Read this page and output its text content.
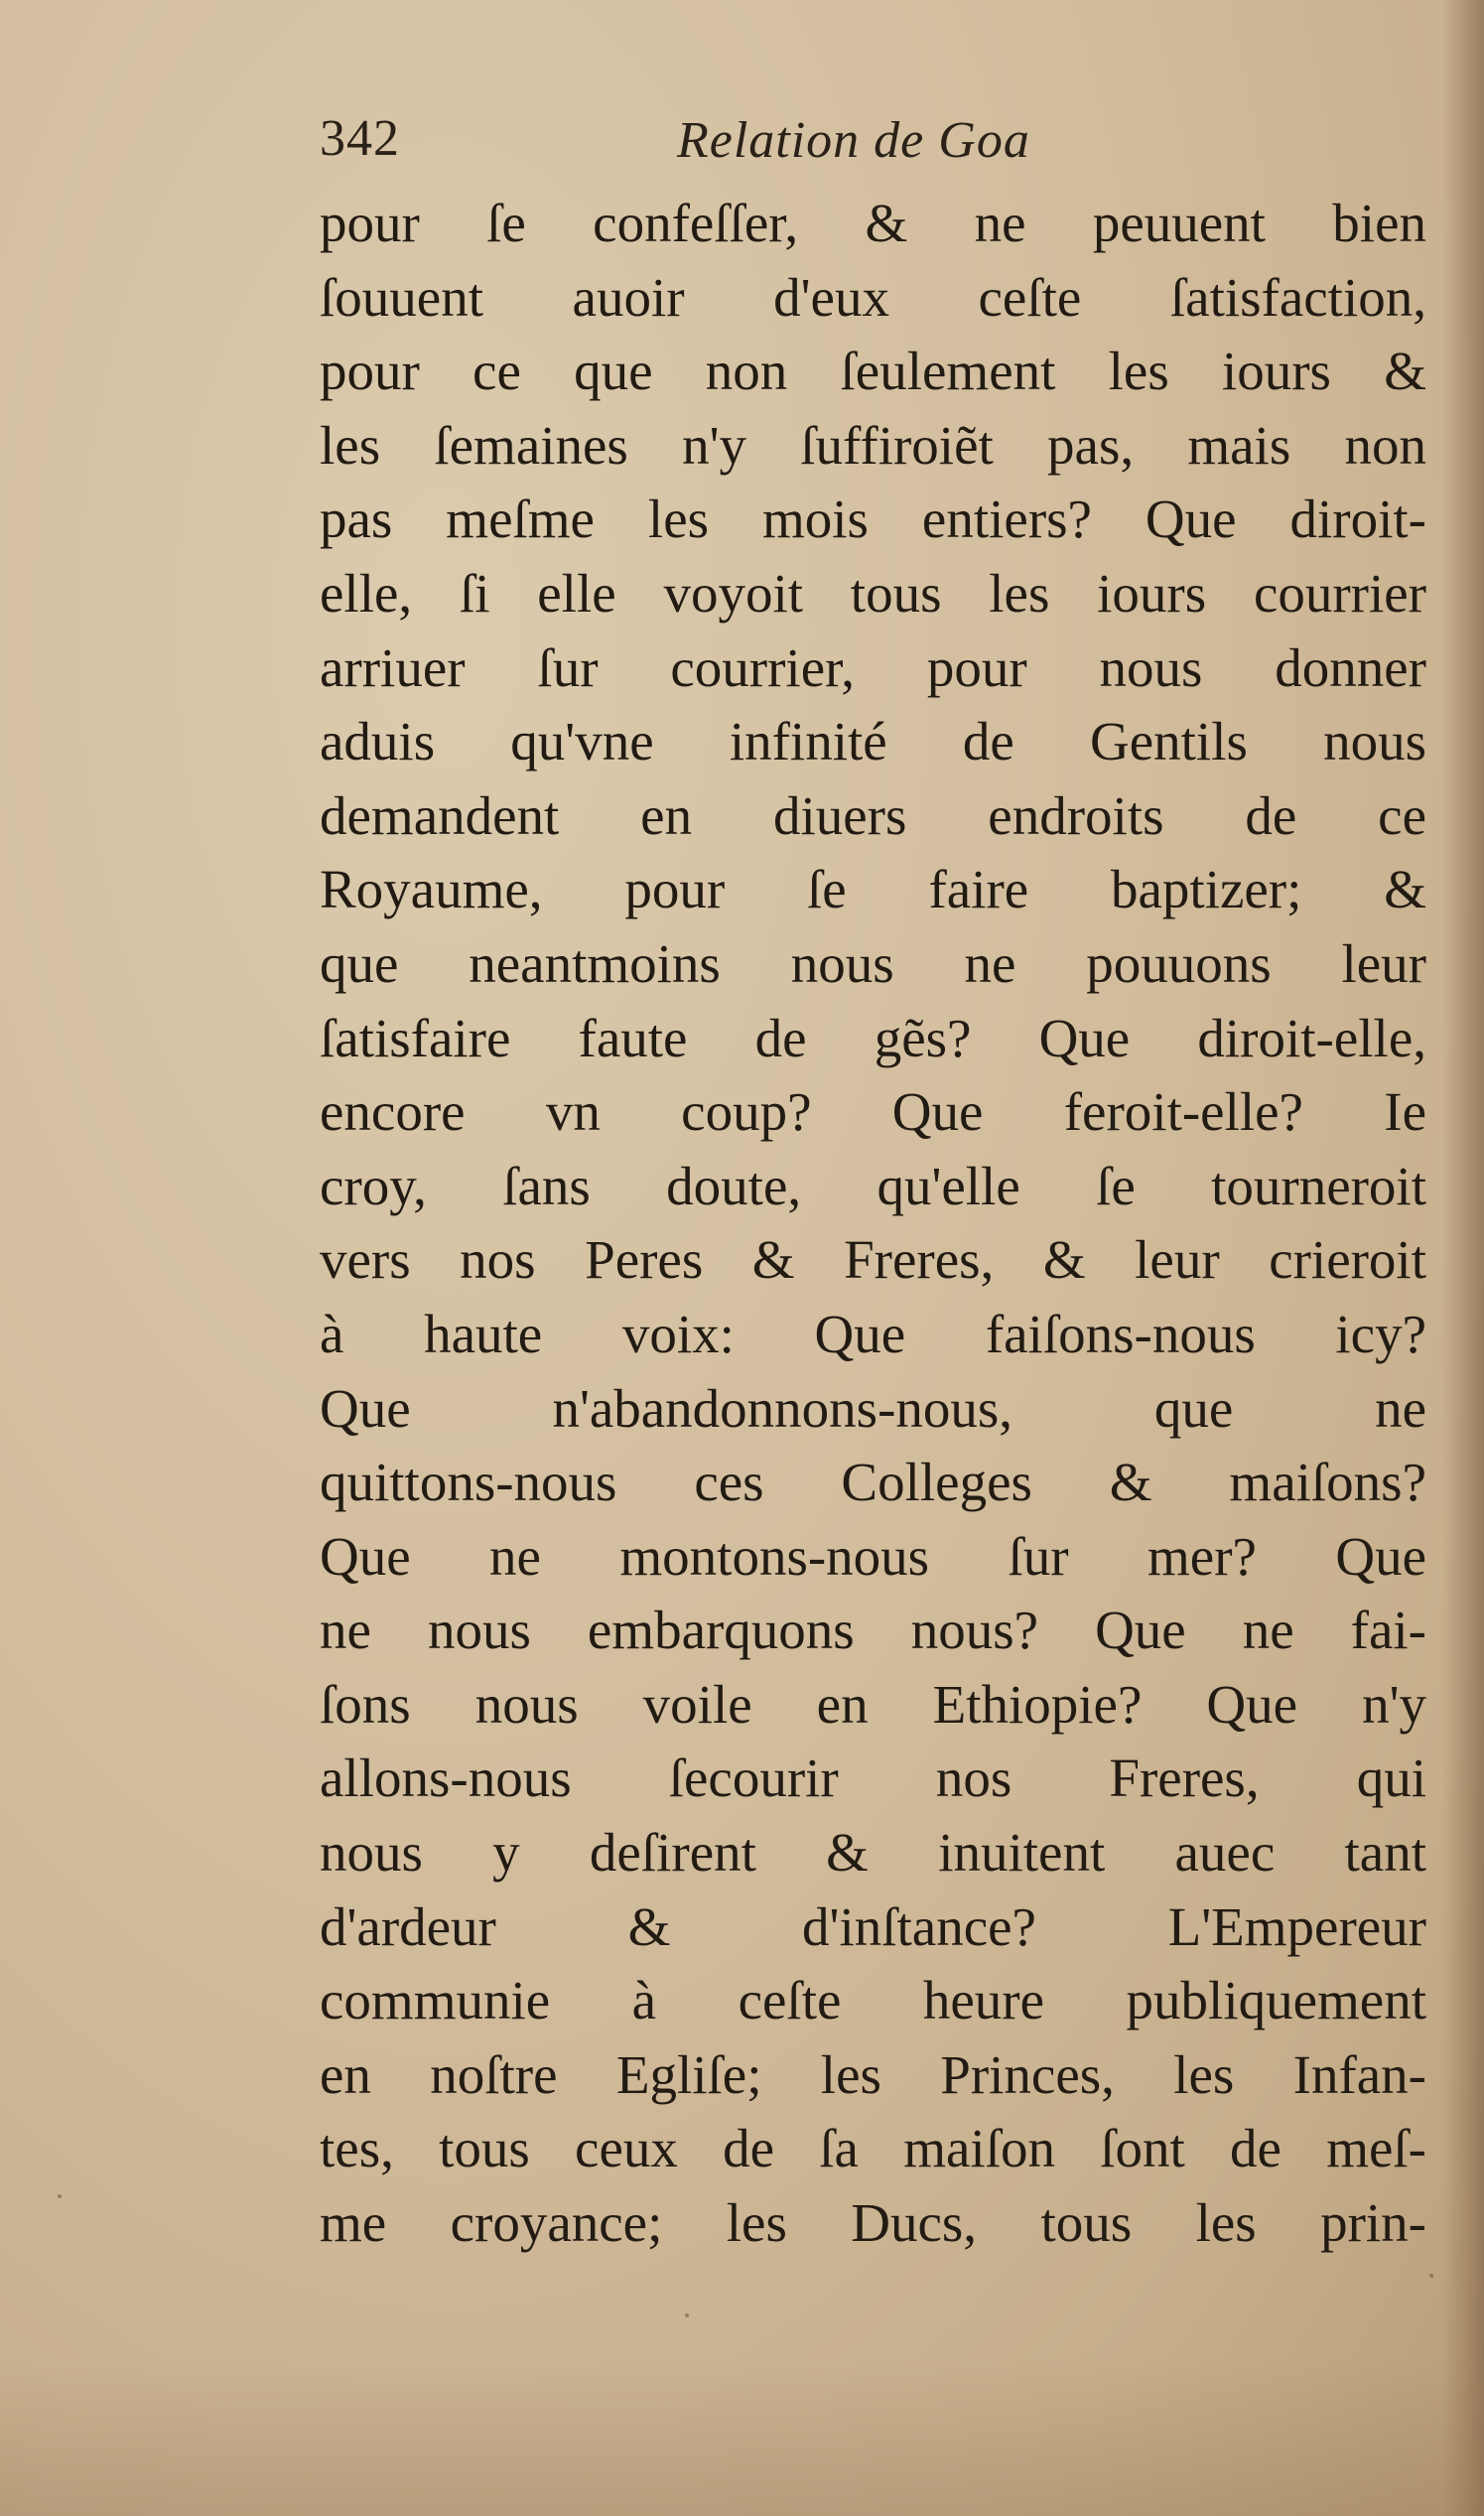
342	Relation de Goa
pour ſe confeſſer, & ne peuuent bien
ſouuent auoir d'eux ceſte ſatisfaction,
pour ce que non ſeulement les iours &
les ſemaines n'y ſuffiroiẽt pas, mais non
pas meſme les mois entiers? Que diroit-
elle, ſi elle voyoit tous les iours courrier
arriuer ſur courrier, pour nous donner
aduis qu'vne infinité de Gentils nous
demandent en diuers endroits de ce
Royaume, pour ſe faire baptizer; &
que neantmoins nous ne pouuons leur
ſatisfaire faute de gẽs? Que diroit-elle,
encore vn coup? Que feroit-elle? Ie
croy, ſans doute, qu'elle ſe tourneroit
vers nos Peres & Freres, & leur crieroit
à haute voix: Que faiſons-nous icy?
Que n'abandonnons-nous, que ne
quittons-nous ces Colleges & maiſons?
Que ne montons-nous ſur mer? Que
ne nous embarquons nous? Que ne fai-
ſons nous voile en Ethiopie? Que n'y
allons-nous ſecourir nos Freres, qui
nous y deſirent & inuitent auec tant
d'ardeur & d'inſtance? L'Empereur
communie à ceſte heure publiquement
en noſtre Egliſe; les Princes, les Infan-
tes, tous ceux de ſa maiſon ſont de meſ-
me croyance; les Ducs, tous les prin-
